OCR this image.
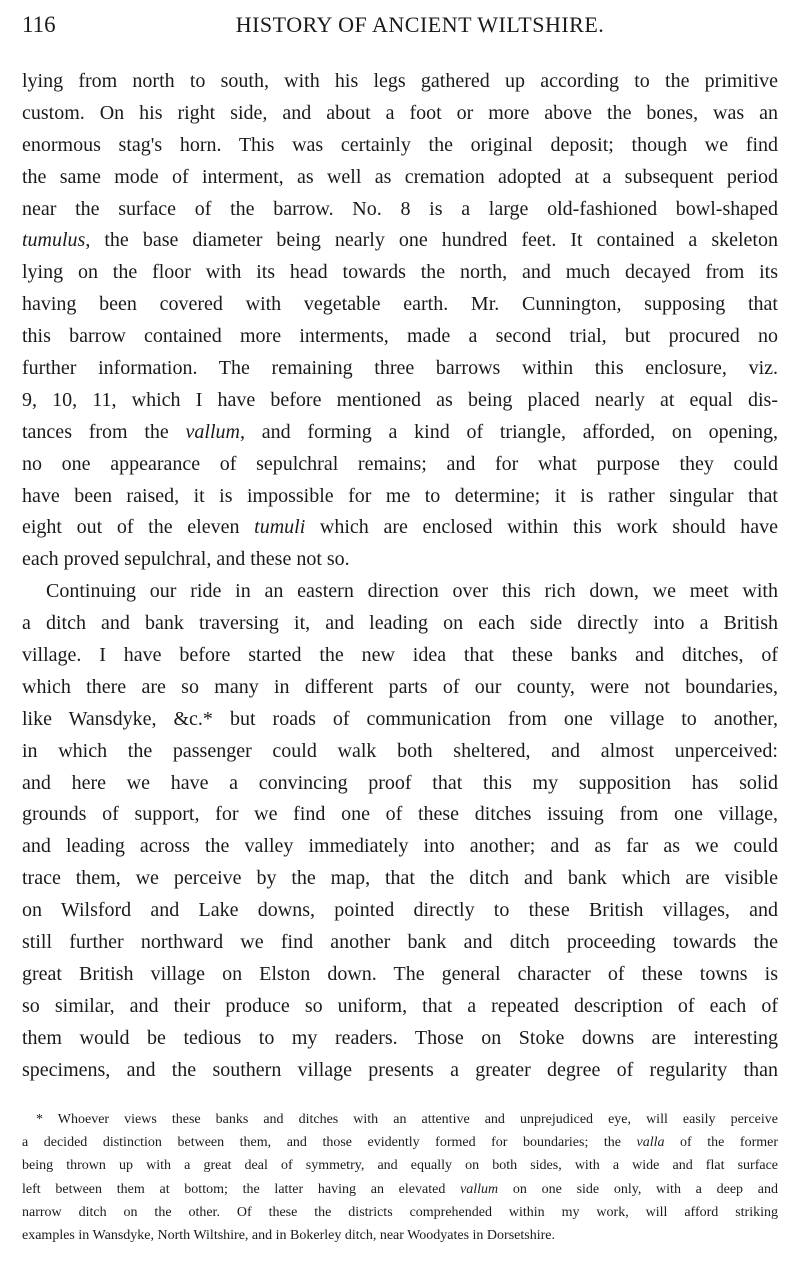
116	HISTORY OF ANCIENT WILTSHIRE.
lying from north to south, with his legs gathered up according to the primitive
custom. On his right side, and about a foot or more above the bones, was an
enormous stag's horn. This was certainly the original deposit; though we find
the same mode of interment, as well as cremation adopted at a subsequent period
near the surface of the barrow. No. 8 is a large old-fashioned bowl-shaped
tumulus, the base diameter being nearly one hundred feet. It contained a skeleton
lying on the floor with its head towards the north, and much decayed from its
having been covered with vegetable earth. Mr. Cunnington, supposing that
this barrow contained more interments, made a second trial, but procured no
further information. The remaining three barrows within this enclosure, viz.
9, 10, 11, which I have before mentioned as being placed nearly at equal dis-
tances from the vallum, and forming a kind of triangle, afforded, on opening,
no one appearance of sepulchral remains; and for what purpose they could
have been raised, it is impossible for me to determine; it is rather singular that
eight out of the eleven tumuli which are enclosed within this work should have
each proved sepulchral, and these not so.
Continuing our ride in an eastern direction over this rich down, we meet with
a ditch and bank traversing it, and leading on each side directly into a British
village. I have before started the new idea that these banks and ditches, of
which there are so many in different parts of our county, were not boundaries,
like Wansdyke, &c.* but roads of communication from one village to another,
in which the passenger could walk both sheltered, and almost unperceived:
and here we have a convincing proof that this my supposition has solid
grounds of support, for we find one of these ditches issuing from one village,
and leading across the valley immediately into another; and as far as we could
trace them, we perceive by the map, that the ditch and bank which are visible
on Wilsford and Lake downs, pointed directly to these British villages, and
still further northward we find another bank and ditch proceeding towards the
great British village on Elston down. The general character of these towns is
so similar, and their produce so uniform, that a repeated description of each of
them would be tedious to my readers. Those on Stoke downs are interesting
specimens, and the southern village presents a greater degree of regularity than
* Whoever views these banks and ditches with an attentive and unprejudiced eye, will easily perceive
a decided distinction between them, and those evidently formed for boundaries; the valla of the former
being thrown up with a great deal of symmetry, and equally on both sides, with a wide and flat surface
left between them at bottom; the latter having an elevated vallum on one side only, with a deep and
narrow ditch on the other. Of these the districts comprehended within my work, will afford striking
examples in Wansdyke, North Wiltshire, and in Bokerley ditch, near Woodyates in Dorsetshire.
